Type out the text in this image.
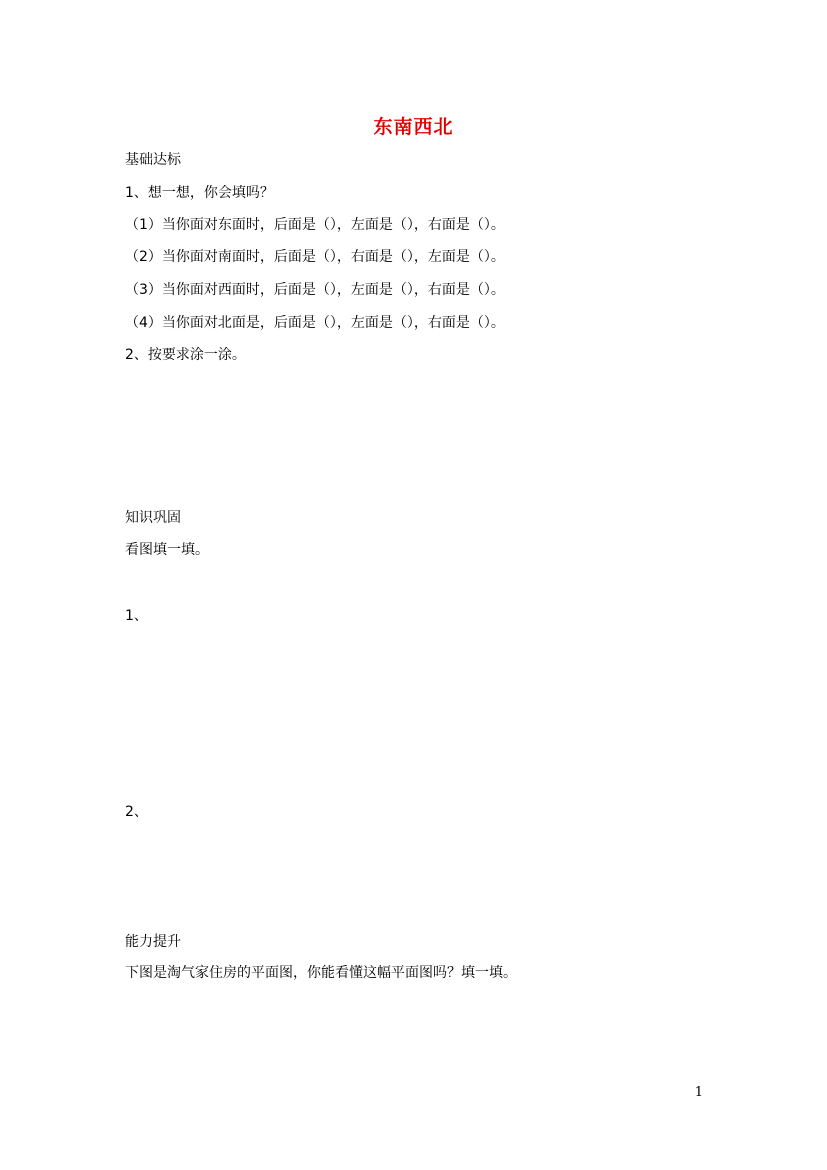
东南西北
基础达标
1、想一想，你会填吗？
（1）当你面对东面时，后面是（），左面是（），右面是（）。
（2）当你面对南面时，后面是（），右面是（），左面是（）。
（3）当你面对西面时，后面是（），左面是（），右面是（）。
（4）当你面对北面是，后面是（），左面是（），右面是（）。
2、按要求涂一涂。
知识巩固
看图填一填。
1、
2、
能力提升
下图是淘气家住房的平面图，你能看懂这幅平面图吗？填一填。
1
